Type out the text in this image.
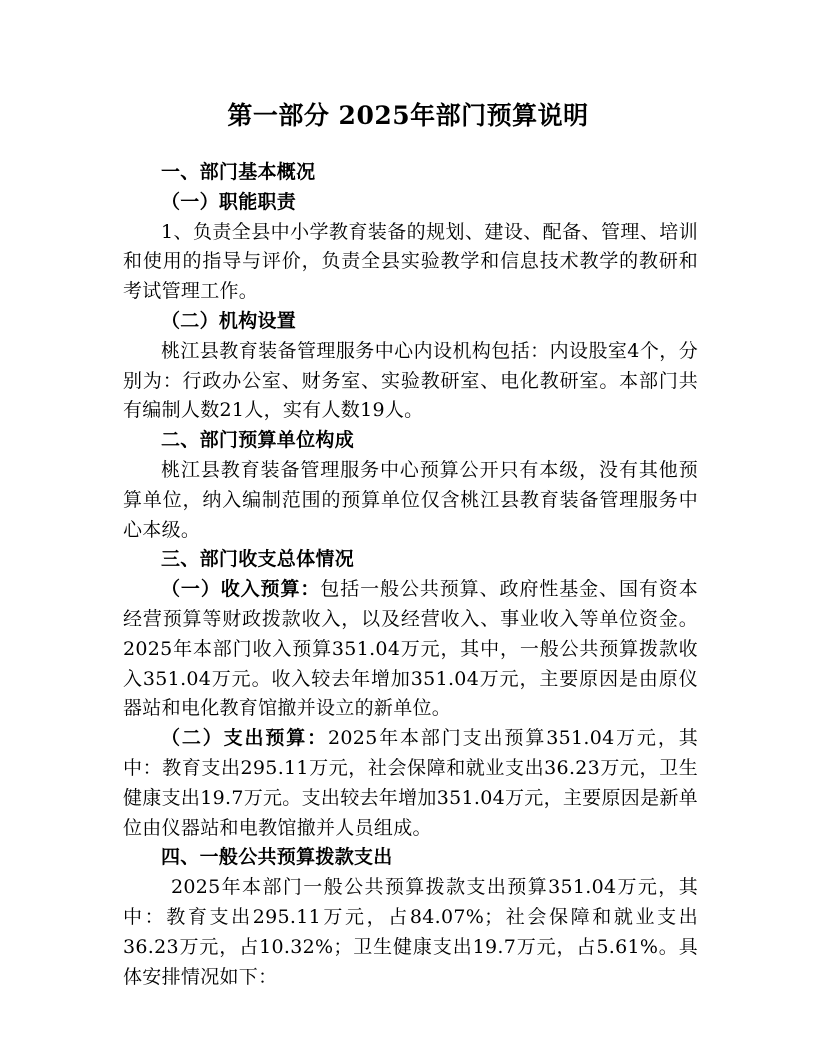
第一部分 2025年部门预算说明
一、部门基本概况
（一）职能职责
1、负责全县中小学教育装备的规划、建设、配备、管理、培训和使用的指导与评价，负责全县实验教学和信息技术教学的教研和考试管理工作。
（二）机构设置
桃江县教育装备管理服务中心内设机构包括：内设股室4个，分别为：行政办公室、财务室、实验教研室、电化教研室。本部门共有编制人数21人，实有人数19人。
二、部门预算单位构成
桃江县教育装备管理服务中心预算公开只有本级，没有其他预算单位，纳入编制范围的预算单位仅含桃江县教育装备管理服务中心本级。
三、部门收支总体情况
（一）收入预算：包括一般公共预算、政府性基金、国有资本经营预算等财政拨款收入，以及经营收入、事业收入等单位资金。2025年本部门收入预算351.04万元，其中，一般公共预算拨款收入351.04万元。收入较去年增加351.04万元，主要原因是由原仪器站和电化教育馆撤并设立的新单位。
（二）支出预算：2025年本部门支出预算351.04万元，其中：教育支出295.11万元，社会保障和就业支出36.23万元，卫生健康支出19.7万元。支出较去年增加351.04万元，主要原因是新单位由仪器站和电教馆撤并人员组成。
四、一般公共预算拨款支出
2025年本部门一般公共预算拨款支出预算351.04万元，其中：教育支出295.11万元，占84.07%；社会保障和就业支出36.23万元，占10.32%；卫生健康支出19.7万元，占5.61%。具体安排情况如下：
